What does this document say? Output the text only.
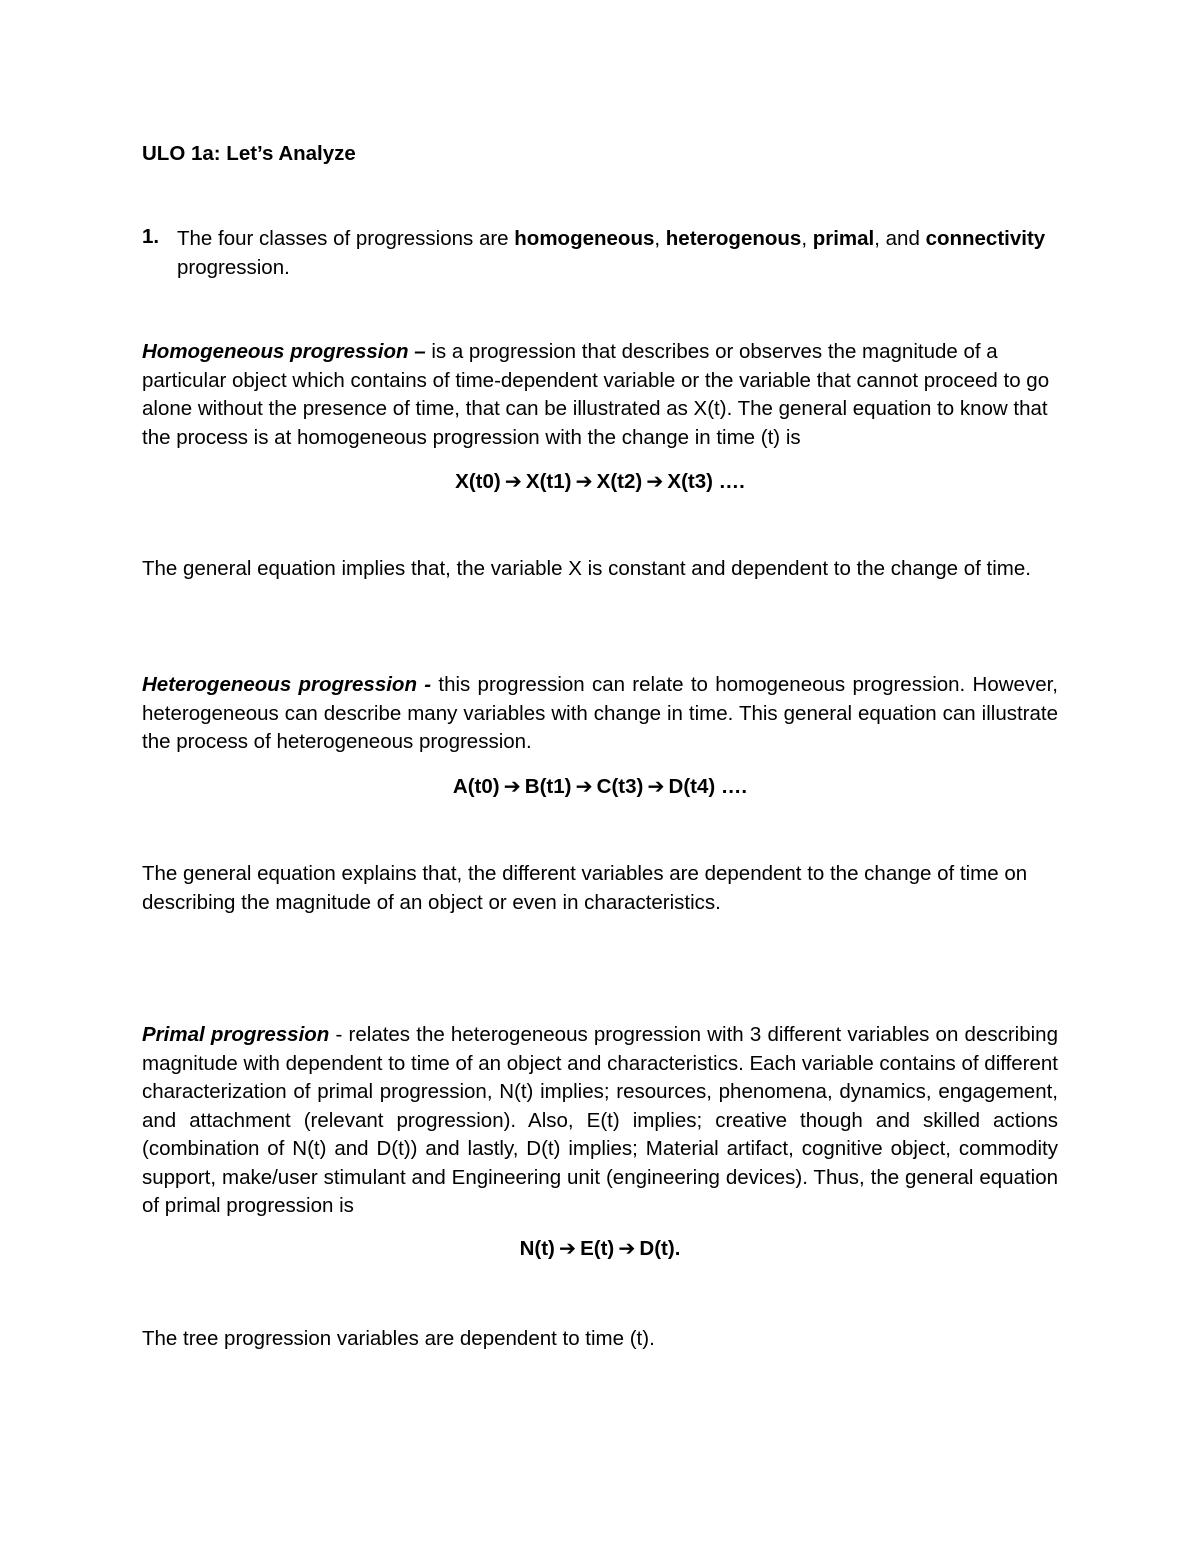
ULO 1a: Let’s Analyze
1. The four classes of progressions are homogeneous, heterogenous, primal, and connectivity progression.
Homogeneous progression – is a progression that describes or observes the magnitude of a particular object which contains of time-dependent variable or the variable that cannot proceed to go alone without the presence of time, that can be illustrated as X(t). The general equation to know that the process is at homogeneous progression with the change in time (t) is
X(t0) ➔ X(t1) ➔ X(t2) ➔ X(t3) ….
The general equation implies that, the variable X is constant and dependent to the change of time.
Heterogeneous progression - this progression can relate to homogeneous progression. However, heterogeneous can describe many variables with change in time. This general equation can illustrate the process of heterogeneous progression.
A(t0) ➔ B(t1) ➔ C(t3) ➔ D(t4) ….
The general equation explains that, the different variables are dependent to the change of time on describing the magnitude of an object or even in characteristics.
Primal progression - relates the heterogeneous progression with 3 different variables on describing magnitude with dependent to time of an object and characteristics. Each variable contains of different characterization of primal progression, N(t) implies; resources, phenomena, dynamics, engagement, and attachment (relevant progression). Also, E(t) implies; creative though and skilled actions (combination of N(t) and D(t)) and lastly, D(t) implies; Material artifact, cognitive object, commodity support, make/user stimulant and Engineering unit (engineering devices). Thus, the general equation of primal progression is
N(t) ➔ E(t) ➔ D(t).
The tree progression variables are dependent to time (t).
